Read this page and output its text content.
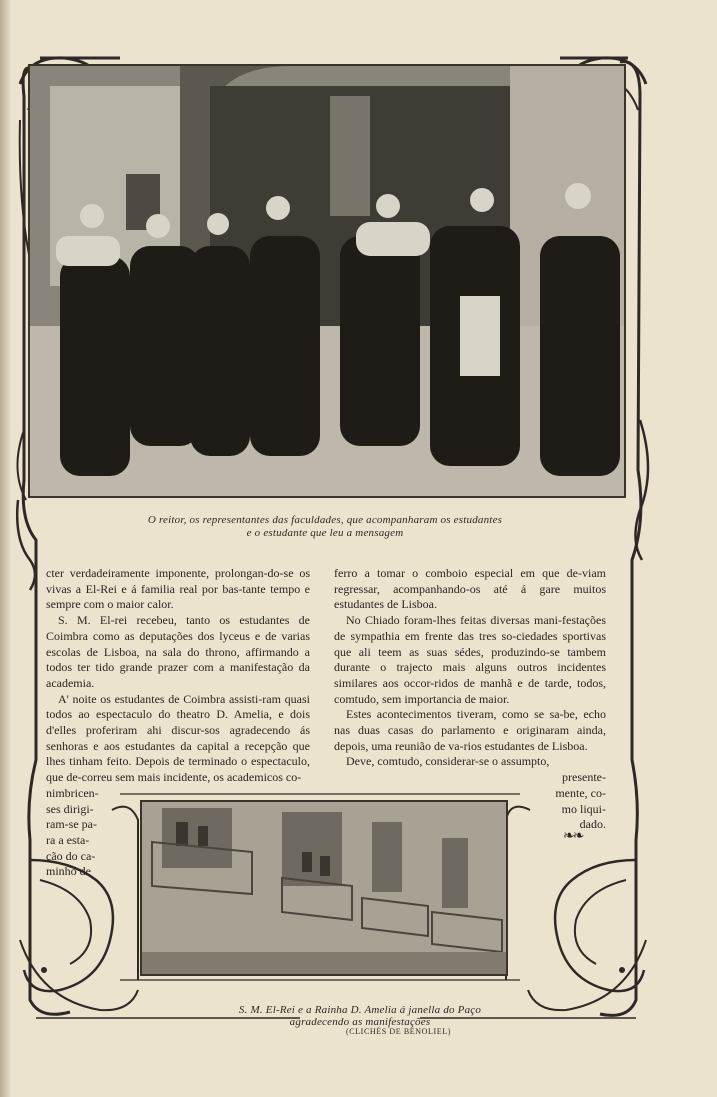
O reitor, os representantes das faculdades, que acompanharam os estudantes
e o estudante que leu a mensagem

cter verdadeiramente imponente, prolongan-do-se os vivas a El-Rei e á familia real por bas-tante tempo e sempre com o maior calor.

S. M. El-rei recebeu, tanto os estudantes de Coimbra como as deputações dos lyceus e de varias escolas de Lisboa, na sala do throno, affirmando a todos ter tido grande prazer com a manifestação da academia.

A' noite os estudantes de Coimbra assisti-ram quasi todos ao espectaculo do theatro D. Amelia, e dois d'elles proferiram ahi discur-sos agradecendo ás senhoras e aos estudantes da capital a recepção que lhes tinham feito. Depois de terminado o espectaculo, que de-correu sem mais incidente, os academicos co-

nimbricen-
ses dirigi-
ram-se pa-
ra a esta-
ção do ca-
minho de

ferro a tomar o comboio especial em que de-viam regressar, acompanhando-os até á gare muitos estudantes de Lisboa.

No Chiado foram-lhes feitas diversas mani-festações de sympathia em frente das tres so-ciedades sportivas que ali teem as suas sédes, produzindo-se tambem durante o trajecto mais alguns outros incidentes similares aos occor-ridos de manhã e de tarde, todos, comtudo, sem importancia de maior.

Estes acontecimentos tiveram, como se sa-be, echo nas duas casas do parlamento e originaram ainda, depois, uma reunião de va-rios estudantes de Lisboa.

Deve, comtudo, considerar-se o assumpto,

presente-
mente, co-
mo liqui-
dado.
❧❧
S. M. El-Rei e a Rainha D. Amelia á janella do Paço
agradecendo as manifestações
(CLICHÉS DE BENOLIEL)
